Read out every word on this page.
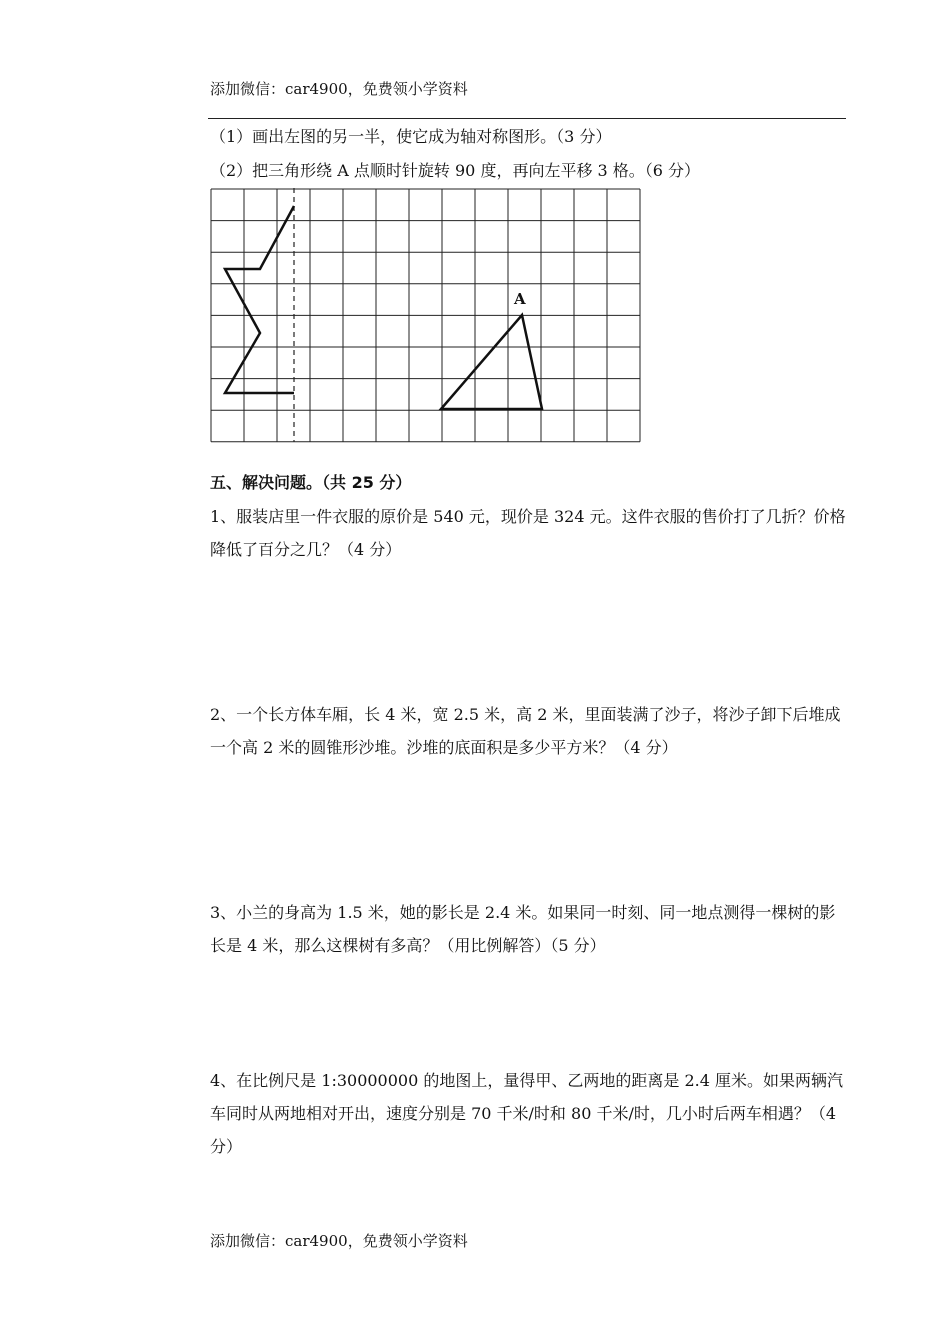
添加微信：car4900，免费领小学资料
（1）画出左图的另一半，使它成为轴对称图形。（3 分）
（2）把三角形绕 A 点顺时针旋转 90 度，再向左平移 3 格。（6 分）
A
五、解决问题。（共 25 分）
1、服装店里一件衣服的原价是 540 元，现价是 324 元。这件衣服的售价打了几折？价格降低了百分之几？（4 分）
2、一个长方体车厢，长 4 米，宽 2.5 米，高 2 米，里面装满了沙子，将沙子卸下后堆成一个高 2 米的圆锥形沙堆。沙堆的底面积是多少平方米？（4 分）
3、小兰的身高为 1.5 米，她的影长是 2.4 米。如果同一时刻、同一地点测得一棵树的影长是 4 米，那么这棵树有多高？（用比例解答）（5 分）
4、在比例尺是 1:30000000 的地图上，量得甲、乙两地的距离是 2.4 厘米。如果两辆汽车同时从两地相对开出，速度分别是 70 千米/时和 80 千米/时，几小时后两车相遇？（4 分）
添加微信：car4900，免费领小学资料
